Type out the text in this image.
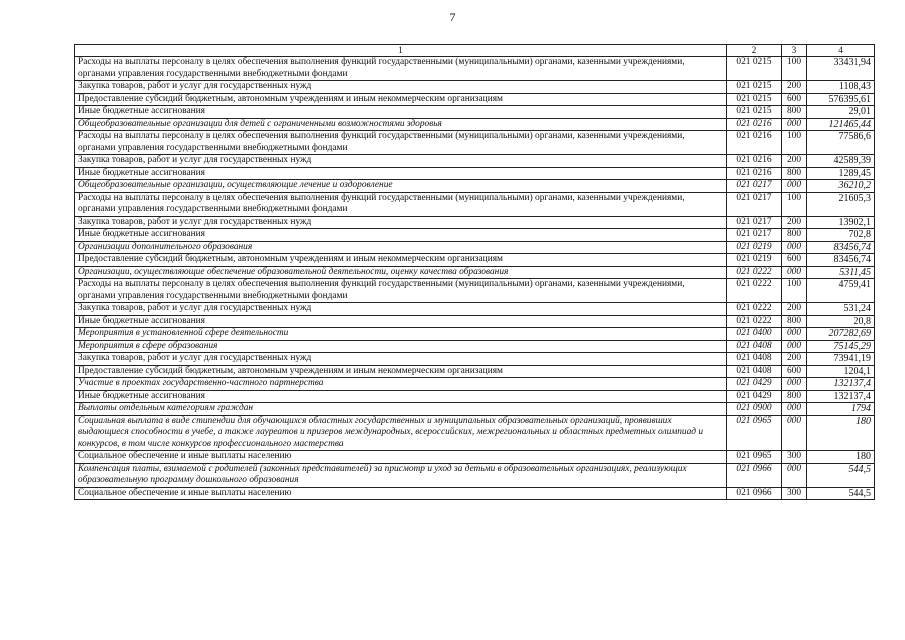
7
1	2	3	4
Расходы на выплаты персоналу в целях обеспечения выполнения функций государственными (муниципальными) органами, казенными учреждениями, органами управления государственными внебюджетными фондами	021 0215	100	33431,94
Закупка товаров, работ и услуг для государственных нужд	021 0215	200	1108,43
Предоставление субсидий бюджетным, автономным учреждениям и иным некоммерческим организациям	021 0215	600	576395,61
Иные бюджетные ассигнования	021 0215	800	29,01
Общеобразовательные организации для детей с ограниченными возможностями здоровья	021 0216	000	121465,44
Расходы на выплаты персоналу в целях обеспечения выполнения функций государственными (муниципальными) органами, казенными учреждениями, органами управления государственными внебюджетными фондами	021 0216	100	77586,6
Закупка товаров, работ и услуг для государственных нужд	021 0216	200	42589,39
Иные бюджетные ассигнования	021 0216	800	1289,45
Общеобразовательные организации, осуществляющие лечение и оздоровление	021 0217	000	36210,2
Расходы на выплаты персоналу в целях обеспечения выполнения функций государственными (муниципальными) органами, казенными учреждениями, органами управления государственными внебюджетными фондами	021 0217	100	21605,3
Закупка товаров, работ и услуг для государственных нужд	021 0217	200	13902,1
Иные бюджетные ассигнования	021 0217	800	702,8
Организации дополнительного образования	021 0219	000	83456,74
Предоставление субсидий бюджетным, автономным учреждениям и иным некоммерческим организациям	021 0219	600	83456,74
Организации, осуществляющие обеспечение образовательной деятельности, оценку качества образования	021 0222	000	5311,45
Расходы на выплаты персоналу в целях обеспечения выполнения функций государственными (муниципальными) органами, казенными учреждениями, органами управления государственными внебюджетными фондами	021 0222	100	4759,41
Закупка товаров, работ и услуг для государственных нужд	021 0222	200	531,24
Иные бюджетные ассигнования	021 0222	800	20,8
Мероприятия в установленной сфере деятельности	021 0400	000	207282,69
Мероприятия в сфере образования	021 0408	000	75145,29
Закупка товаров, работ и услуг для государственных нужд	021 0408	200	73941,19
Предоставление субсидий бюджетным, автономным учреждениям и иным некоммерческим организациям	021 0408	600	1204,1
Участие в проектах государственно-частного партнерства	021 0429	000	132137,4
Иные бюджетные ассигнования	021 0429	800	132137,4
Выплаты отдельным категориям граждан	021 0900	000	1794
Социальная выплата в виде стипендии для обучающихся областных государственных и муниципальных образовательных организаций, проявивших выдающиеся способности в учебе, а также лауреатов и призеров международных, всероссийских, межрегиональных и областных предметных олимпиад и конкурсов, в том числе конкурсов профессионального мастерства	021 0965	000	180
Социальное обеспечение и иные выплаты населению	021 0965	300	180
Компенсация платы, взимаемой с родителей (законных представителей) за присмотр и уход за детьми в образовательных организациях, реализующих образовательную программу дошкольного образования	021 0966	000	544,5
Социальное обеспечение и иные выплаты населению	021 0966	300	544,5
